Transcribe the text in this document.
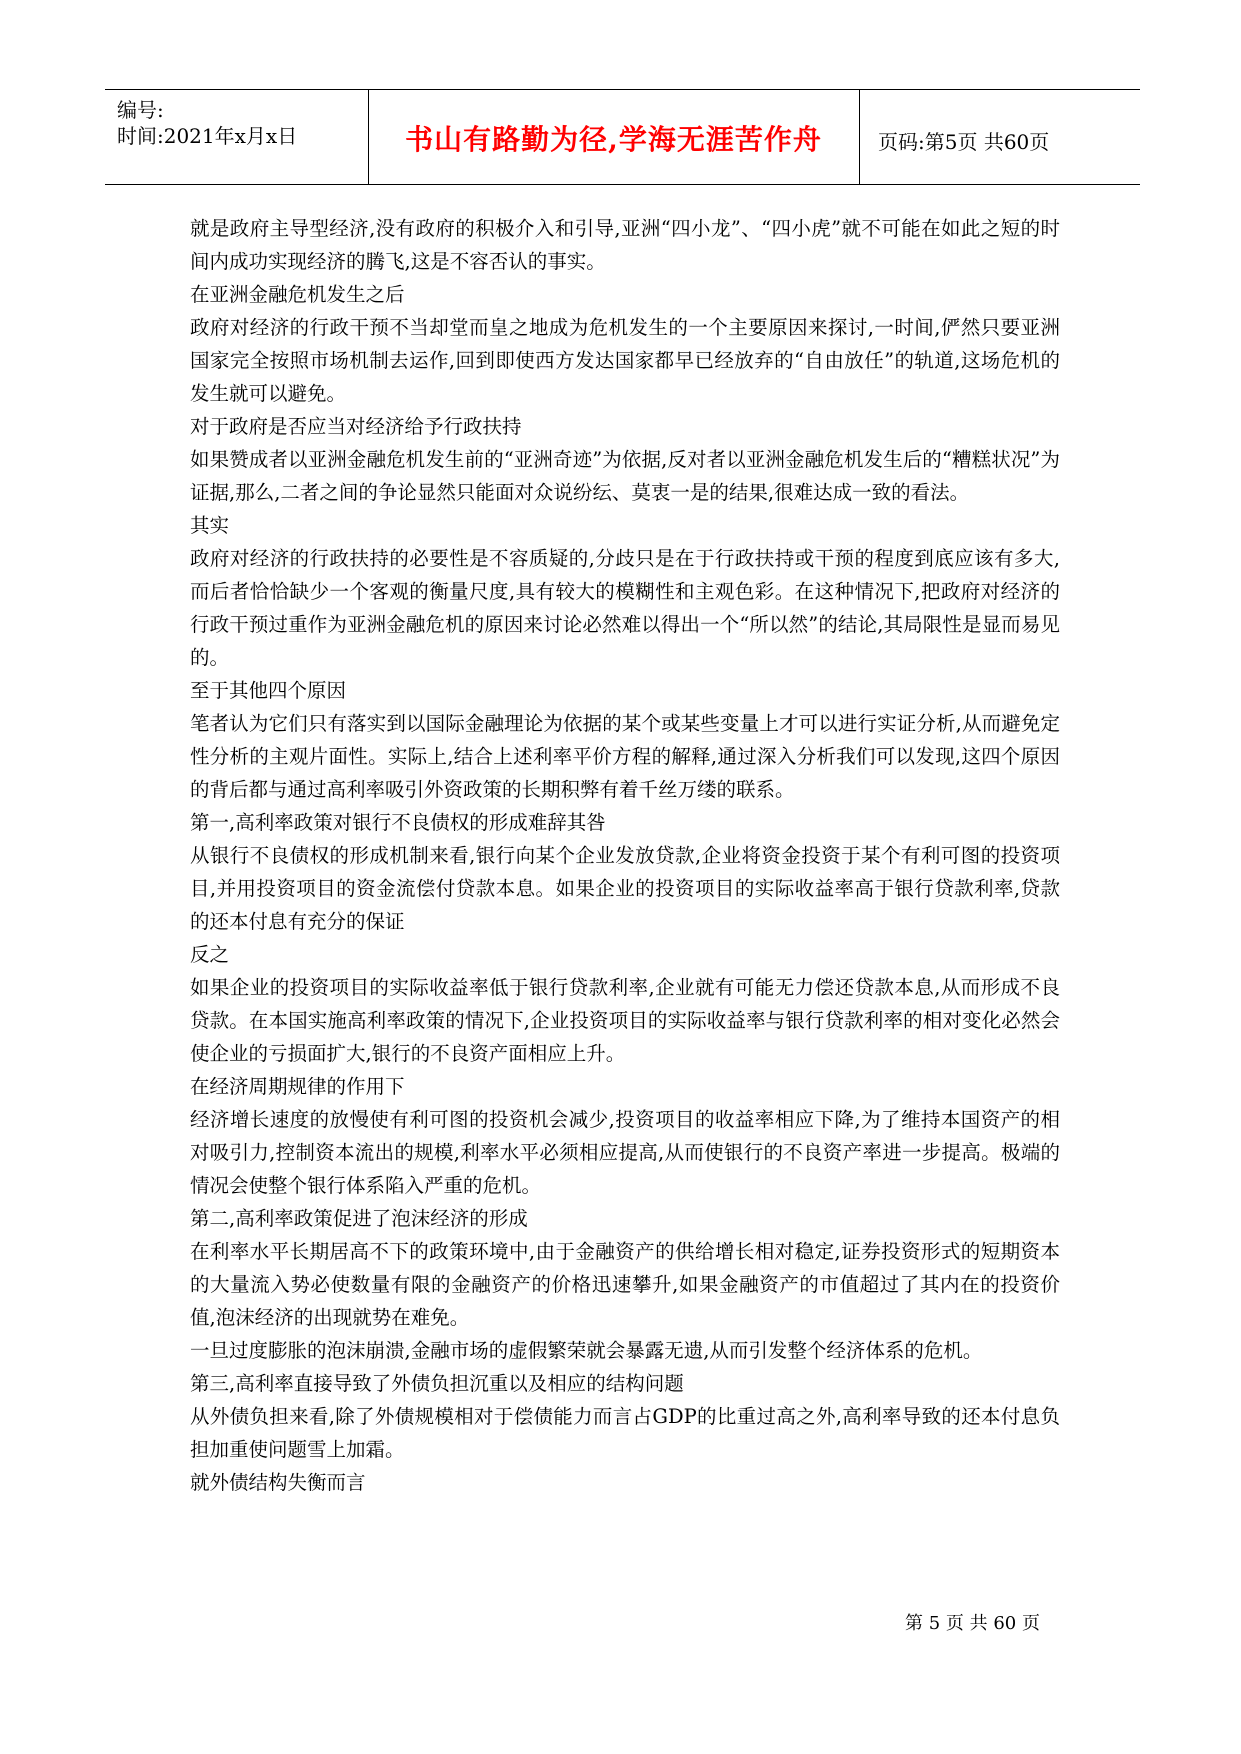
编号:
时间:2021年x月x日	书山有路勤为径,学海无涯苦作舟	页码:第5页 共60页

就是政府主导型经济,没有政府的积极介入和引导,亚洲“四小龙”、“四小虎”就不可能在如此之短的时间内成功实现经济的腾飞,这是不容否认的事实。

在亚洲金融危机发生之后

政府对经济的行政干预不当却堂而皇之地成为危机发生的一个主要原因来探讨,一时间,俨然只要亚洲国家完全按照市场机制去运作,回到即使西方发达国家都早已经放弃的“自由放任”的轨道,这场危机的发生就可以避免。

对于政府是否应当对经济给予行政扶持

如果赞成者以亚洲金融危机发生前的“亚洲奇迹”为依据,反对者以亚洲金融危机发生后的“糟糕状况”为证据,那么,二者之间的争论显然只能面对众说纷纭、莫衷一是的结果,很难达成一致的看法。

其实

政府对经济的行政扶持的必要性是不容质疑的,分歧只是在于行政扶持或干预的程度到底应该有多大,而后者恰恰缺少一个客观的衡量尺度,具有较大的模糊性和主观色彩。在这种情况下,把政府对经济的行政干预过重作为亚洲金融危机的原因来讨论必然难以得出一个“所以然”的结论,其局限性是显而易见的。

至于其他四个原因

笔者认为它们只有落实到以国际金融理论为依据的某个或某些变量上才可以进行实证分析,从而避免定性分析的主观片面性。实际上,结合上述利率平价方程的解释,通过深入分析我们可以发现,这四个原因的背后都与通过高利率吸引外资政策的长期积弊有着千丝万缕的联系。

第一,高利率政策对银行不良债权的形成难辞其咎

从银行不良债权的形成机制来看,银行向某个企业发放贷款,企业将资金投资于某个有利可图的投资项目,并用投资项目的资金流偿付贷款本息。如果企业的投资项目的实际收益率高于银行贷款利率,贷款的还本付息有充分的保证

反之

如果企业的投资项目的实际收益率低于银行贷款利率,企业就有可能无力偿还贷款本息,从而形成不良贷款。在本国实施高利率政策的情况下,企业投资项目的实际收益率与银行贷款利率的相对变化必然会使企业的亏损面扩大,银行的不良资产面相应上升。

在经济周期规律的作用下

经济增长速度的放慢使有利可图的投资机会减少,投资项目的收益率相应下降,为了维持本国资产的相对吸引力,控制资本流出的规模,利率水平必须相应提高,从而使银行的不良资产率进一步提高。极端的情况会使整个银行体系陷入严重的危机。

第二,高利率政策促进了泡沫经济的形成

在利率水平长期居高不下的政策环境中,由于金融资产的供给增长相对稳定,证券投资形式的短期资本的大量流入势必使数量有限的金融资产的价格迅速攀升,如果金融资产的市值超过了其内在的投资价值,泡沫经济的出现就势在难免。

一旦过度膨胀的泡沫崩溃,金融市场的虚假繁荣就会暴露无遗,从而引发整个经济体系的危机。

第三,高利率直接导致了外债负担沉重以及相应的结构问题

从外债负担来看,除了外债规模相对于偿债能力而言占GDP的比重过高之外,高利率导致的还本付息负担加重使问题雪上加霜。

就外债结构失衡而言

第 5 页 共 60 页
